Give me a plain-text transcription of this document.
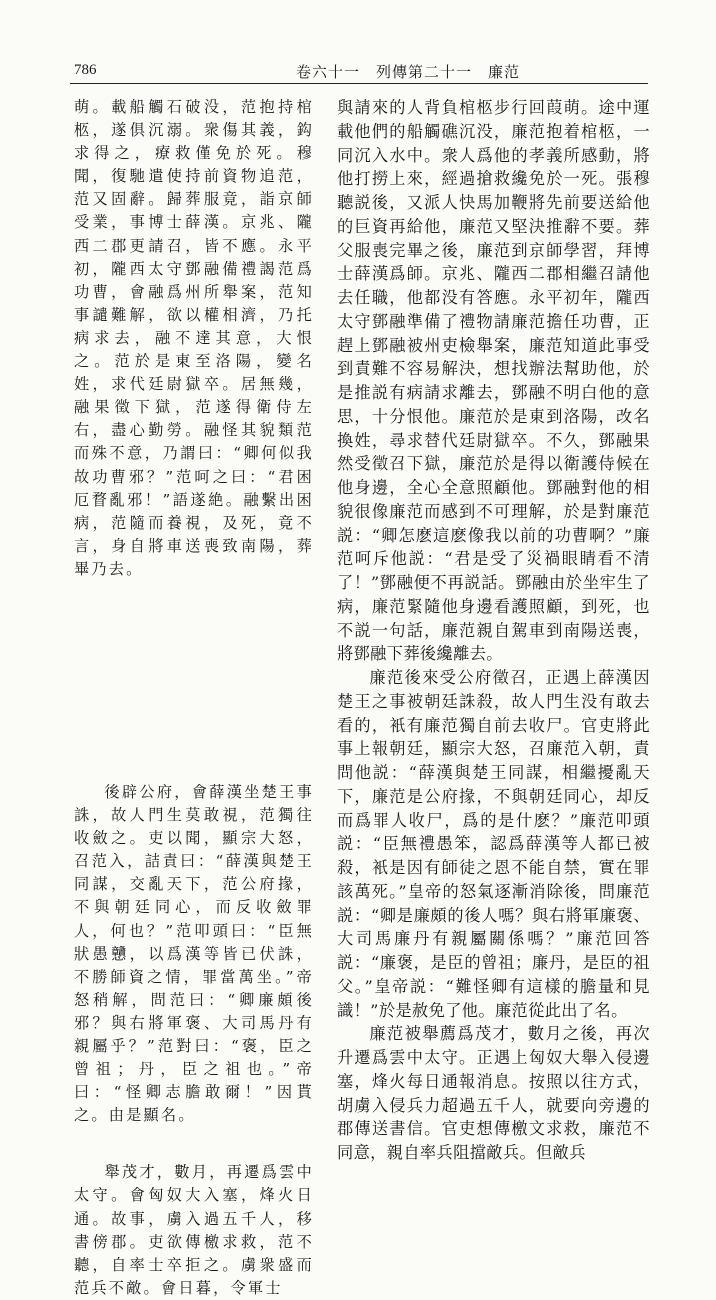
786	卷六十一　列傳第二十一　廉范

萌。載船觸石破没，范抱持棺柩，遂俱沉溺。衆傷其義，鈎求得之，療救僅免於死。穆聞，復馳遣使持前資物追范，范又固辭。歸葬服竟，詣京師受業，事博士薛漢。京兆、隴西二郡更請召，皆不應。永平初，隴西太守鄧融備禮謁范爲功曹，會融爲州所舉案，范知事譴難解，欲以權相濟，乃托病求去，融不達其意，大恨之。范於是東至洛陽，變名姓，求代廷尉獄卒。居無幾，融果徵下獄，范遂得衛侍左右，盡心勤勞。融怪其貌類范而殊不意，乃謂曰：“卿何似我故功曹邪？”范呵之曰：“君困厄瞀亂邪！”語遂絶。融繫出困病，范隨而養視，及死，竟不言，身自將車送喪致南陽，葬畢乃去。

後辟公府，會薛漢坐楚王事誅，故人門生莫敢視，范獨往收斂之。吏以聞，顯宗大怒，召范入，詰責曰：“薛漢與楚王同謀，交亂天下，范公府掾，不與朝廷同心，而反收斂罪人，何也？”范叩頭曰：“臣無狀愚戇，以爲漢等皆已伏誅，不勝師資之情，罪當萬坐。”帝怒稍解，問范曰：“卿廉頗後邪？與右將軍褒、大司馬丹有親屬乎？”范對曰：“褒，臣之曾祖；丹，臣之祖也。”帝曰：“怪卿志膽敢爾！”因貰之。由是顯名。

舉茂才，數月，再遷爲雲中太守。會匈奴大入塞，烽火日通。故事，虜入過五千人，移書傍郡。吏欲傳檄求救，范不聽，自率士卒拒之。虜衆盛而范兵不敵。會日暮，令軍士

與請來的人背負棺柩步行回葭萌。途中運載他們的船觸礁沉没，廉范抱着棺柩，一同沉入水中。衆人爲他的孝義所感動，將他打撈上來，經過搶救纔免於一死。張穆聽説後，又派人快馬加鞭將先前要送給他的巨資再給他，廉范又堅決推辭不要。葬父服喪完畢之後，廉范到京師學習，拜博士薛漢爲師。京兆、隴西二郡相繼召請他去任職，他都没有答應。永平初年，隴西太守鄧融準備了禮物請廉范擔任功曹，正趕上鄧融被州吏檢舉案，廉范知道此事受到責難不容易解決，想找辦法幫助他，於是推説有病請求離去，鄧融不明白他的意思，十分恨他。廉范於是東到洛陽，改名換姓，尋求替代廷尉獄卒。不久，鄧融果然受徵召下獄，廉范於是得以衛護侍候在他身邊，全心全意照顧他。鄧融對他的相貌很像廉范而感到不可理解，於是對廉范説：“卿怎麽這麽像我以前的功曹啊？”廉范呵斥他説：“君是受了災禍眼睛看不清了！”鄧融便不再説話。鄧融由於坐牢生了病，廉范緊隨他身邊看護照顧，到死，也不説一句話，廉范親自駕車到南陽送喪，將鄧融下葬後纔離去。

廉范後來受公府徵召，正遇上薛漢因楚王之事被朝廷誅殺，故人門生没有敢去看的，衹有廉范獨自前去收尸。官吏將此事上報朝廷，顯宗大怒，召廉范入朝，責問他説：“薛漢與楚王同謀，相繼擾亂天下，廉范是公府掾，不與朝廷同心，却反而爲罪人收尸，爲的是什麽？”廉范叩頭説：“臣無禮愚笨，認爲薛漢等人都已被殺，衹是因有師徒之恩不能自禁，實在罪該萬死。”皇帝的怒氣逐漸消除後，問廉范説：“卿是廉頗的後人嗎？與右將軍廉褒、大司馬廉丹有親屬關係嗎？”廉范回答説：“廉褒，是臣的曾祖；廉丹，是臣的祖父。”皇帝説：“難怪卿有這樣的膽量和見識！”於是赦免了他。廉范從此出了名。

廉范被舉薦爲茂才，數月之後，再次升遷爲雲中太守。正遇上匈奴大舉入侵邊塞，烽火每日通報消息。按照以往方式，胡虜入侵兵力超過五千人，就要向旁邊的郡傳送書信。官吏想傳檄文求救，廉范不同意，親自率兵阻擋敵兵。但敵兵
